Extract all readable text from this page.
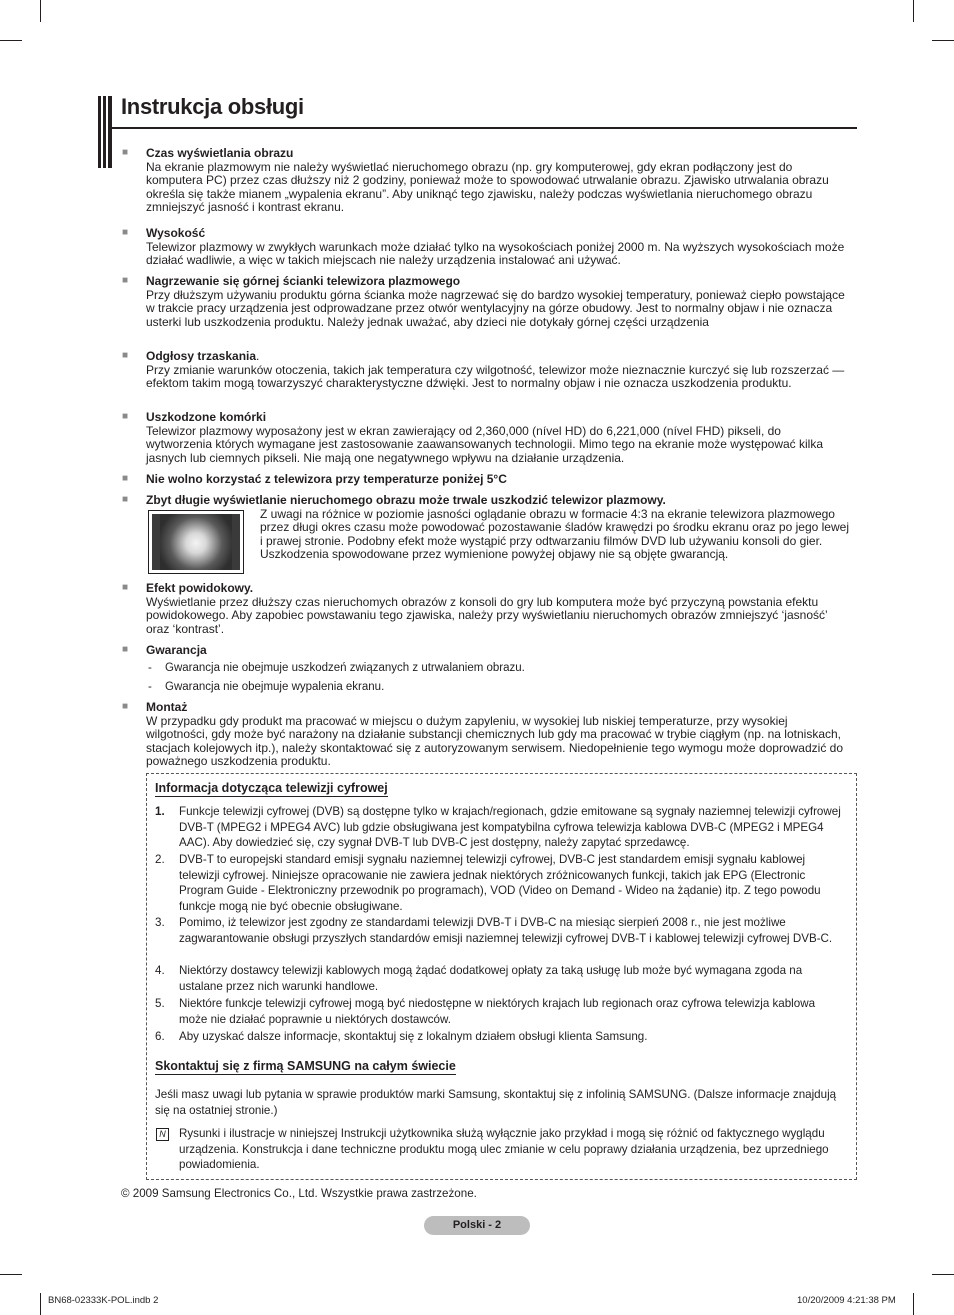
Instrukcja obsługi
■ Czas wyświetlania obrazu
Na ekranie plazmowym nie należy wyświetlać nieruchomego obrazu (np. gry komputerowej, gdy ekran podłączony jest do komputera PC) przez czas dłuższy niż 2 godziny, ponieważ może to spowodować utrwalanie obrazu. Zjawisko utrwalania obrazu określa się także mianem „wypalenia ekranu”. Aby uniknąć tego zjawisku, należy podczas wyświetlania nieruchomego obrazu zmniejszyć jasność i kontrast ekranu.
■ Wysokość
Telewizor plazmowy w zwykłych warunkach może działać tylko na wysokościach poniżej 2000 m. Na wyższych wysokościach może działać wadliwie, a więc w takich miejscach nie należy urządzenia instalować ani używać.
■ Nagrzewanie się górnej ścianki telewizora plazmowego
Przy dłuższym używaniu produktu górna ścianka może nagrzewać się do bardzo wysokiej temperatury, ponieważ ciepło powstające w trakcie pracy urządzenia jest odprowadzane przez otwór wentylacyjny na górze obudowy. Jest to normalny objaw i nie oznacza usterki lub uszkodzenia produktu. Należy jednak uważać, aby dzieci nie dotykały górnej części urządzenia
■ Odgłosy trzaskania.
Przy zmianie warunków otoczenia, takich jak temperatura czy wilgotność, telewizor może nieznacznie kurczyć się lub rozszerzać — efektom takim mogą towarzyszyć charakterystyczne dźwięki. Jest to normalny objaw i nie oznacza uszkodzenia produktu.
■ Uszkodzone komórki
Telewizor plazmowy wyposażony jest w ekran zawierający od 2,360,000 (nível HD) do 6,221,000 (nível FHD) pikseli, do wytworzenia których wymagane jest zastosowanie zaawansowanych technologii. Mimo tego na ekranie może występować kilka jasnych lub ciemnych pikseli. Nie mają one negatywnego wpływu na działanie urządzenia.
■ Nie wolno korzystać z telewizora przy temperaturze poniżej 5°C
■ Zbyt długie wyświetlanie nieruchomego obrazu może trwale uszkodzić telewizor plazmowy.
Z uwagi na różnice w poziomie jasności oglądanie obrazu w formacie 4:3 na ekranie telewizora plazmowego przez długi okres czasu może powodować pozostawanie śladów krawędzi po środku ekranu oraz po jego lewej i prawej stronie. Podobny efekt może wystąpić przy odtwarzaniu filmów DVD lub używaniu konsoli do gier. Uszkodzenia spowodowane przez wymienione powyżej objawy nie są objęte gwarancją.
■ Efekt powidokowy.
Wyświetlanie przez dłuższy czas nieruchomych obrazów z konsoli do gry lub komputera może być przyczyną powstania efektu powidokowego. Aby zapobiec powstawaniu tego zjawiska, należy przy wyświetlaniu nieruchomych obrazów zmniejszyć ‘jasność’ oraz ‘kontrast’.
■ Gwarancja
- Gwarancja nie obejmuje uszkodzeń związanych z utrwalaniem obrazu.
- Gwarancja nie obejmuje wypalenia ekranu.
■ Montaż
W przypadku gdy produkt ma pracować w miejscu o dużym zapyleniu, w wysokiej lub niskiej temperaturze, przy wysokiej wilgotności, gdy może być narażony na działanie substancji chemicznych lub gdy ma pracować w trybie ciągłym (np. na lotniskach, stacjach kolejowych itp.), należy skontaktować się z autoryzowanym serwisem. Niedopełnienie tego wymogu może doprowadzić do poważnego uszkodzenia produktu.
Informacja dotycząca telewizji cyfrowej
1. Funkcje telewizji cyfrowej (DVB) są dostępne tylko w krajach/regionach, gdzie emitowane są sygnały naziemnej telewizji cyfrowej DVB-T (MPEG2 i MPEG4 AVC) lub gdzie obsługiwana jest kompatybilna cyfrowa telewizja kablowa DVB-C (MPEG2 i MPEG4 AAC). Aby dowiedzieć się, czy sygnał DVB-T lub DVB-C jest dostępny, należy zapytać sprzedawcę.
2. DVB-T to europejski standard emisji sygnału naziemnej telewizji cyfrowej, DVB-C jest standardem emisji sygnału kablowej telewizji cyfrowej. Niniejsze opracowanie nie zawiera jednak niektórych zróżnicowanych funkcji, takich jak EPG (Electronic Program Guide - Elektroniczny przewodnik po programach), VOD (Video on Demand - Wideo na żądanie) itp. Z tego powodu funkcje mogą nie być obecnie obsługiwane.
3. Pomimo, iż telewizor jest zgodny ze standardami telewizji DVB-T i DVB-C na miesiąc sierpień 2008 r., nie jest możliwe zagwarantowanie obsługi przyszłych standardów emisji naziemnej telewizji cyfrowej DVB-T i kablowej telewizji cyfrowej DVB-C.
4. Niektórzy dostawcy telewizji kablowych mogą żądać dodatkowej opłaty za taką usługę lub może być wymagana zgoda na ustalane przez nich warunki handlowe.
5. Niektóre funkcje telewizji cyfrowej mogą być niedostępne w niektórych krajach lub regionach oraz cyfrowa telewizja kablowa może nie działać poprawnie u niektórych dostawców.
6. Aby uzyskać dalsze informacje, skontaktuj się z lokalnym działem obsługi klienta Samsung.
Skontaktuj się z firmą SAMSUNG na całym świecie
Jeśli masz uwagi lub pytania w sprawie produktów marki Samsung, skontaktuj się z infolinią SAMSUNG. (Dalsze informacje znajdują się na ostatniej stronie.)
N Rysunki i ilustracje w niniejszej Instrukcji użytkownika służą wyłącznie jako przykład i mogą się różnić od faktycznego wyglądu urządzenia. Konstrukcja i dane techniczne produktu mogą ulec zmianie w celu poprawy działania urządzenia, bez uprzedniego powiadomienia.
© 2009 Samsung Electronics Co., Ltd. Wszystkie prawa zastrzeżone.
Polski - 2
BN68-02333K-POL.indb 2	10/20/2009 4:21:38 PM
